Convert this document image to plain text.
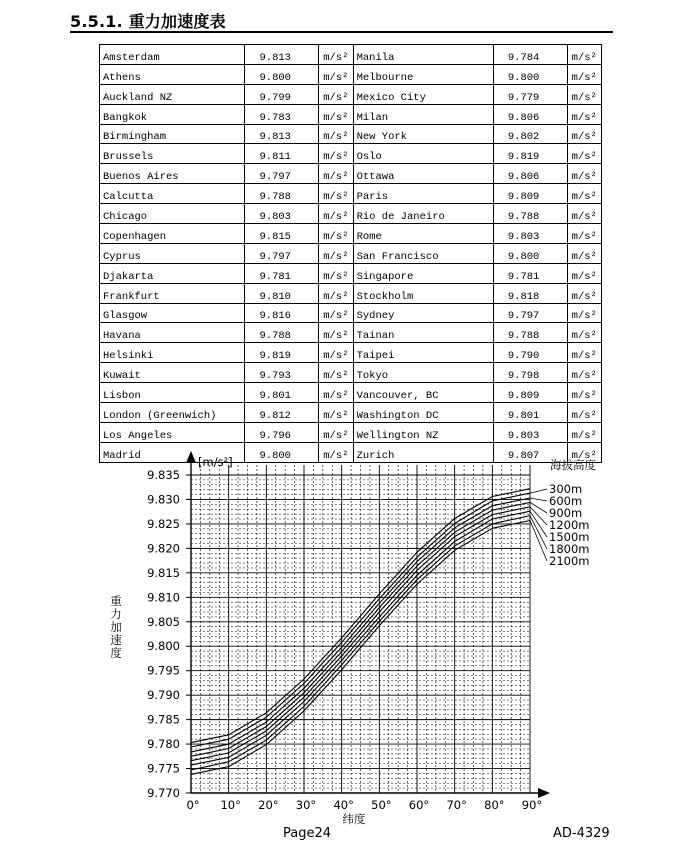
5.5.1. 重力加速度表
Amsterdam	9.813	m/s²	Manila	9.784	m/s²
Athens	9.800	m/s²	Melbourne	9.800	m/s²
Auckland NZ	9.799	m/s²	Mexico City	9.779	m/s²
Bangkok	9.783	m/s²	Milan	9.806	m/s²
Birmingham	9.813	m/s²	New York	9.802	m/s²
Brussels	9.811	m/s²	Oslo	9.819	m/s²
Buenos Aires	9.797	m/s²	Ottawa	9.806	m/s²
Calcutta	9.788	m/s²	Paris	9.809	m/s²
Chicago	9.803	m/s²	Rio de Janeiro	9.788	m/s²
Copenhagen	9.815	m/s²	Rome	9.803	m/s²
Cyprus	9.797	m/s²	San Francisco	9.800	m/s²
Djakarta	9.781	m/s²	Singapore	9.781	m/s²
Frankfurt	9.810	m/s²	Stockholm	9.818	m/s²
Glasgow	9.816	m/s²	Sydney	9.797	m/s²
Havana	9.788	m/s²	Tainan	9.788	m/s²
Helsinki	9.819	m/s²	Taipei	9.790	m/s²
Kuwait	9.793	m/s²	Tokyo	9.798	m/s²
Lisbon	9.801	m/s²	Vancouver, BC	9.809	m/s²
London (Greenwich)	9.812	m/s²	Washington DC	9.801	m/s²
Los Angeles	9.796	m/s²	Wellington NZ	9.803	m/s²
Madrid	9.800	m/s²	Zurich	9.807	m/s²
9.835
9.830
9.825
9.820
9.815
9.810
9.805
9.800
9.795
9.790
9.785
9.780
9.775
9.770
0° 10° 20° 30° 40° 50° 60° 70° 80° 90°
[m/s²]
重
力
加
速
度
纬度
海拔高度
300m
600m
900m
1200m
1500m
1800m
2100m
Page24	AD-4329
